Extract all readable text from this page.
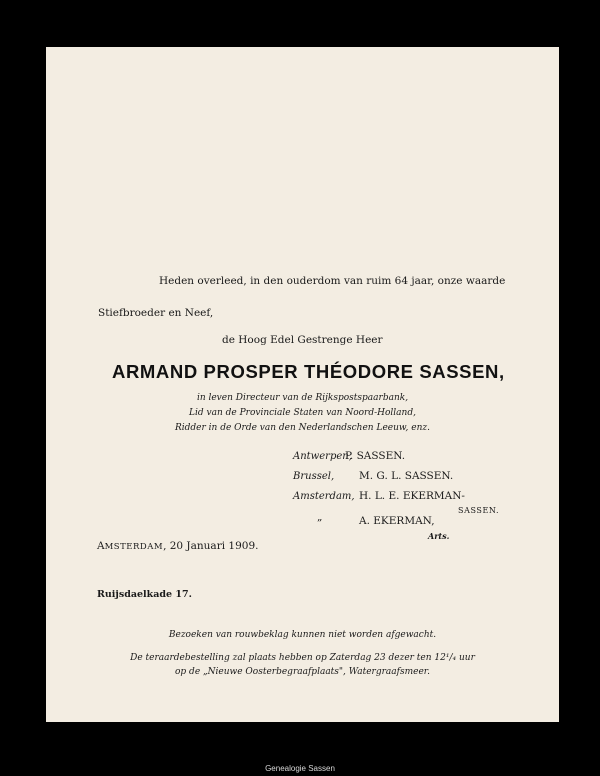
Heden overleed, in den ouderdom van ruim 64 jaar, onze waarde
Stiefbroeder en Neef,
de Hoog Edel Gestrenge Heer
ARMAND PROSPER THÉODORE SASSEN,
in leven Directeur van de Rijkspostspaarbank,
Lid van de Provinciale Staten van Noord-Holland,
Ridder in de Orde van den Nederlandschen Leeuw, enz.
Antwerpen,
P. SASSEN.
Brussel, M. G. L. SASSEN.
Amsterdam, H. L. E. EKERMAN-
SASSEN.
„	A. EKERMAN,
Arts.
AMSTERDAM, 20 Januari 1909.
Ruijsdaelkade 17.
Bezoeken van rouwbeklag kunnen niet worden afgewacht.
De teraardebestelling zal plaats hebben op Zaterdag 23 dezer ten 12¹/₄ uur
op de „Nieuwe Oosterbegraafplaats", Watergraafsmeer.
Genealogie Sassen
